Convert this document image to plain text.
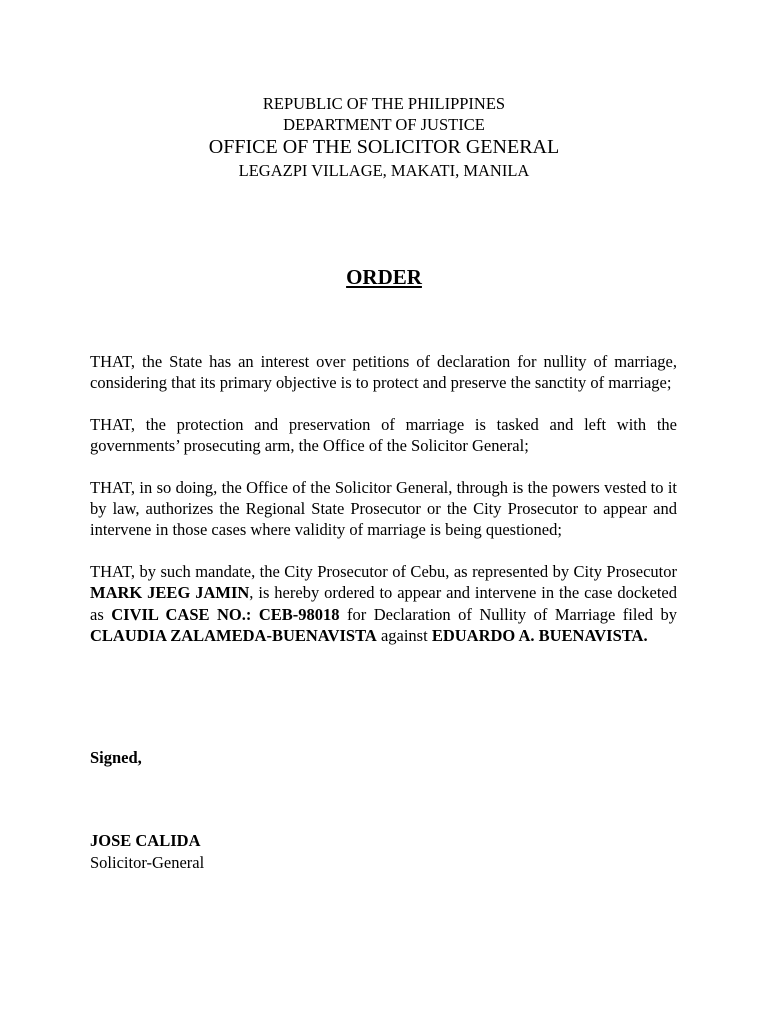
REPUBLIC OF THE PHILIPPINES
DEPARTMENT OF JUSTICE
OFFICE OF THE SOLICITOR GENERAL
LEGAZPI VILLAGE, MAKATI, MANILA
ORDER

THAT, the State has an interest over petitions of declaration for nullity of marriage, considering that its primary objective is to protect and preserve the sanctity of marriage;

THAT, the protection and preservation of marriage is tasked and left with the governments’ prosecuting arm, the Office of the Solicitor General;

THAT, in so doing, the Office of the Solicitor General, through is the powers vested to it by law, authorizes the Regional State Prosecutor or the City Prosecutor to appear and intervene in those cases where validity of marriage is being questioned;

THAT, by such mandate, the City Prosecutor of Cebu, as represented by City Prosecutor MARK JEEG JAMIN, is hereby ordered to appear and intervene in the case docketed as CIVIL CASE NO.: CEB-98018 for Declaration of Nullity of Marriage filed by CLAUDIA ZALAMEDA-BUENAVISTA against EDUARDO A. BUENAVISTA.

Signed,
JOSE CALIDA
Solicitor-General
